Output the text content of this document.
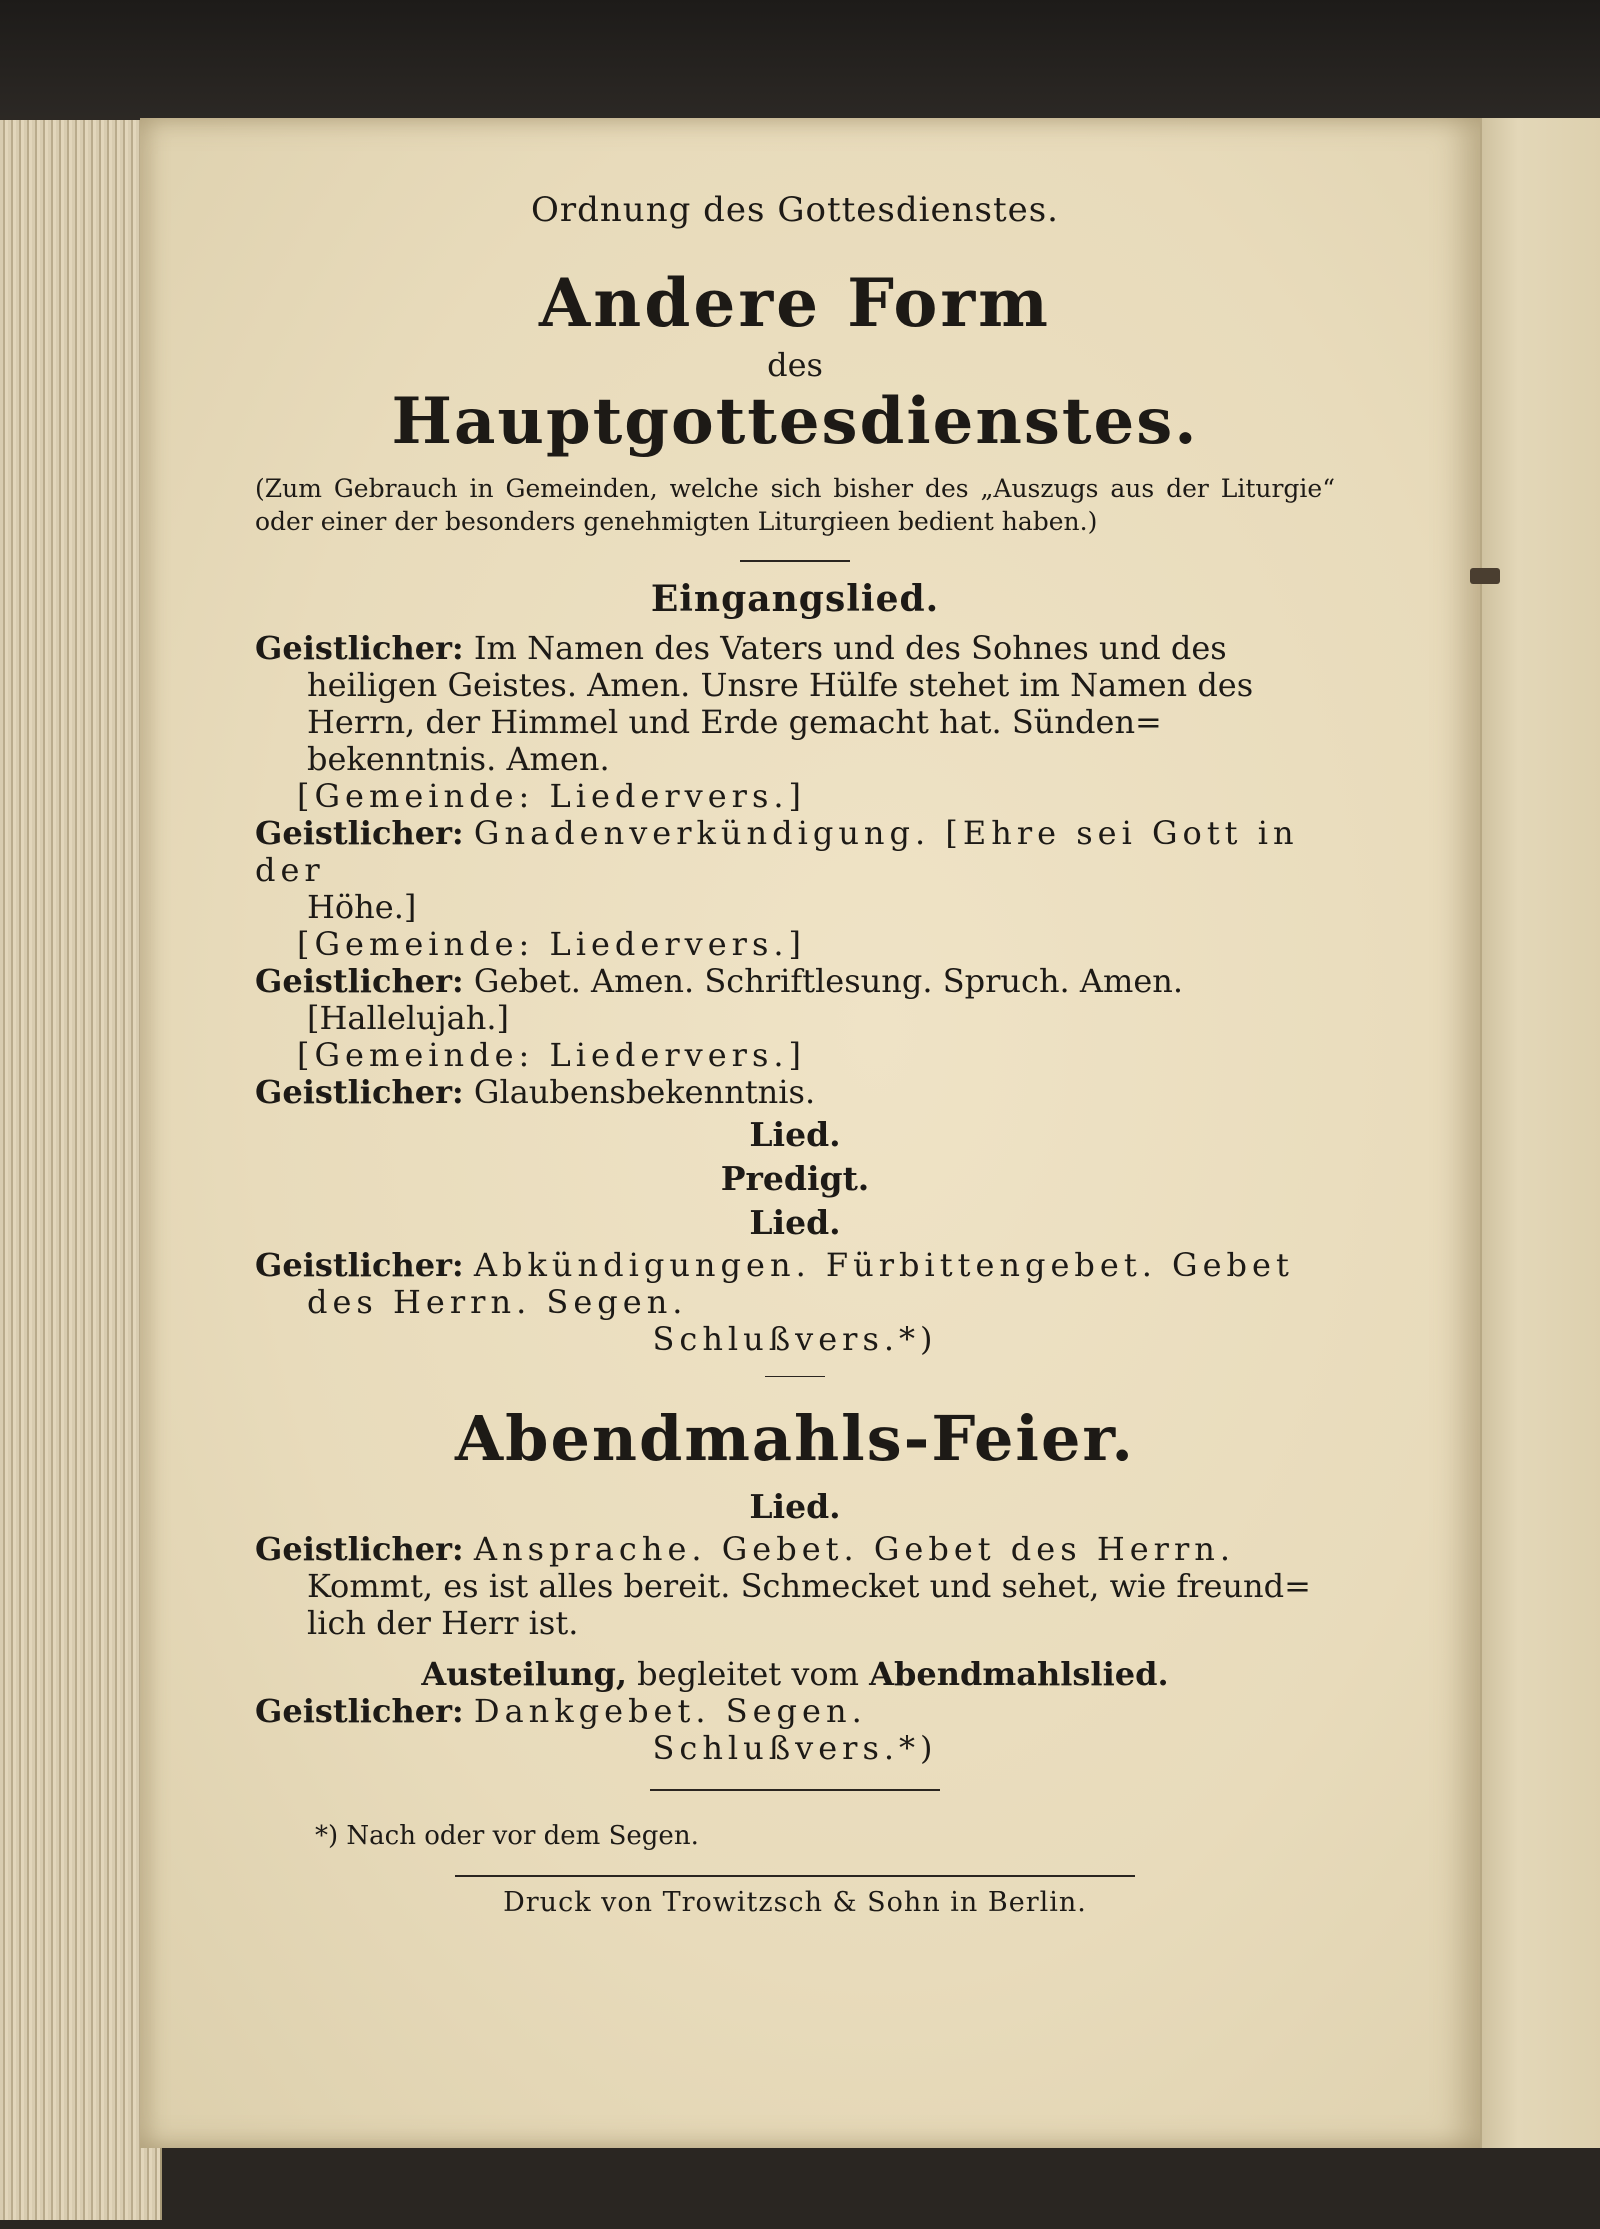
Ordnung des Gottesdienstes.

Andere Form

des

Hauptgottesdienstes.

(Zum Gebrauch in Gemeinden, welche sich bisher des „Auszugs aus der Liturgie“ oder einer der besonders genehmigten Liturgieen bedient haben.)

Eingangslied.

Geistlicher: Im Namen des Vaters und des Sohnes und des

heiligen Geistes. Amen. Unsre Hülfe stehet im Namen des

Herrn, der Himmel und Erde gemacht hat. Sünden=

bekenntnis. Amen.

[Gemeinde: Liedervers.]

Geistlicher: Gnadenverkündigung. [Ehre sei Gott in der

Höhe.]

[Gemeinde: Liedervers.]

Geistlicher: Gebet. Amen. Schriftlesung. Spruch. Amen.

[Hallelujah.]

[Gemeinde: Liedervers.]

Geistlicher: Glaubensbekenntnis.

Lied.

Predigt.

Lied.

Geistlicher: Abkündigungen. Fürbittengebet. Gebet

des Herrn. Segen.

Schlußvers.*)

Abendmahls-Feier.

Lied.

Geistlicher: Ansprache. Gebet. Gebet des Herrn.

Kommt, es ist alles bereit. Schmecket und sehet, wie freund=

lich der Herr ist.

Austeilung, begleitet vom Abendmahlslied.

Geistlicher: Dankgebet. Segen.

Schlußvers.*)

*) Nach oder vor dem Segen.

Druck von Trowitzsch & Sohn in Berlin.
